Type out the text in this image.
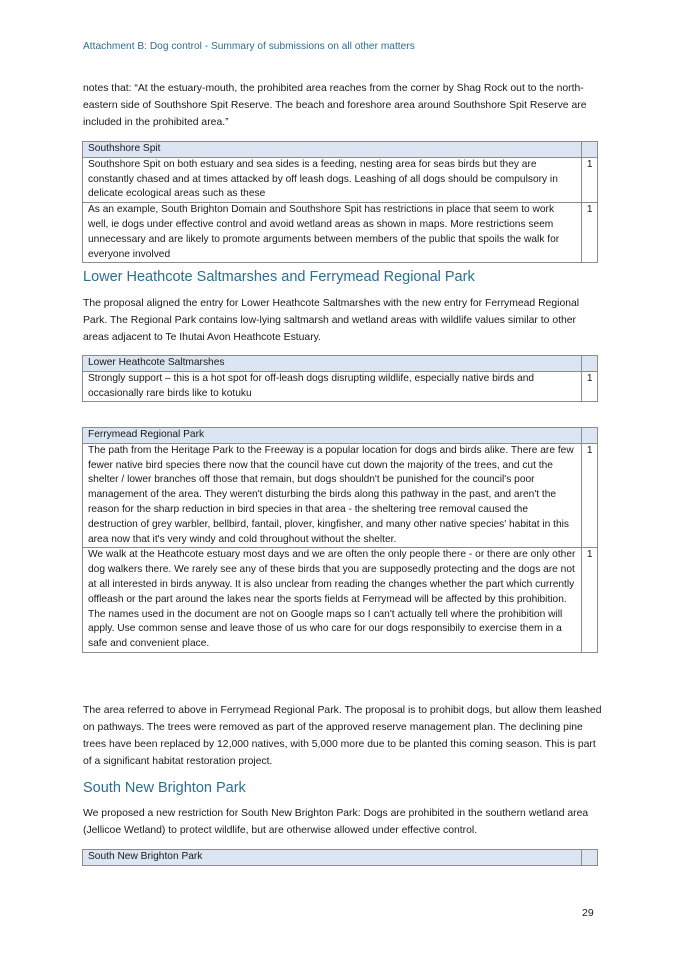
Attachment B: Dog control - Summary of submissions on all other matters

notes that: “At the estuary-mouth, the prohibited area reaches from the corner by Shag Rock out to the north-eastern side of Southshore Spit Reserve. The beach and foreshore area around Southshore Spit Reserve are included in the prohibited area.”

Southshore Spit	
Southshore Spit on both estuary and sea sides is a feeding, nesting area for seas birds but they are constantly chased and at times attacked by off leash dogs. Leashing of all dogs should be compulsory in delicate ecological areas such as these	1
As an example, South Brighton Domain and Southshore Spit has restrictions in place that seem to work well, ie dogs under effective control and avoid wetland areas as shown in maps. More restrictions seem unnecessary and are likely to promote arguments between members of the public that spoils the walk for everyone involved	1
Lower Heathcote Saltmarshes and Ferrymead Regional Park

The proposal aligned the entry for Lower Heathcote Saltmarshes with the new entry for Ferrymead Regional Park. The Regional Park contains low-lying saltmarsh and wetland areas with wildlife values similar to other areas adjacent to Te Ihutai Avon Heathcote Estuary.

Lower Heathcote Saltmarshes	
Strongly support – this is a hot spot for off-leash dogs disrupting wildlife, especially native birds and occasionally rare birds like to kotuku	1
Ferrymead Regional Park	
The path from the Heritage Park to the Freeway is a popular location for dogs and birds alike. There are few fewer native bird species there now that the council have cut down the majority of the trees, and cut the shelter / lower branches off those that remain, but dogs shouldn't be punished for the council's poor management of the area. They weren't disturbing the birds along this pathway in the past, and aren't the reason for the sharp reduction in bird species in that area - the sheltering tree removal caused the destruction of grey warbler, bellbird, fantail, plover, kingfisher, and many other native species' habitat in this area now that it's very windy and cold throughout without the shelter.	1
We walk at the Heathcote estuary most days and we are often the only people there - or there are only other dog walkers there. We rarely see any of these birds that you are supposedly protecting and the dogs are not at all interested in birds anyway. It is also unclear from reading the changes whether the part which currently offleash or the part around the lakes near the sports fields at Ferrymead will be affected by this prohibition. The names used in the document are not on Google maps so I can't actually tell where the prohibition will apply. Use common sense and leave those of us who care for our dogs responsibily to exercise them in a safe and convenient place.	1

The area referred to above in Ferrymead Regional Park. The proposal is to prohibit dogs, but allow them leashed on pathways. The trees were removed as part of the approved reserve management plan. The declining pine trees have been replaced by 12,000 natives, with 5,000 more due to be planted this coming season. This is part of a significant habitat restoration project.

South New Brighton Park

We proposed a new restriction for South New Brighton Park: Dogs are prohibited in the southern wetland area (Jellicoe Wetland) to protect wildlife, but are otherwise allowed under effective control.

South New Brighton Park	
29
